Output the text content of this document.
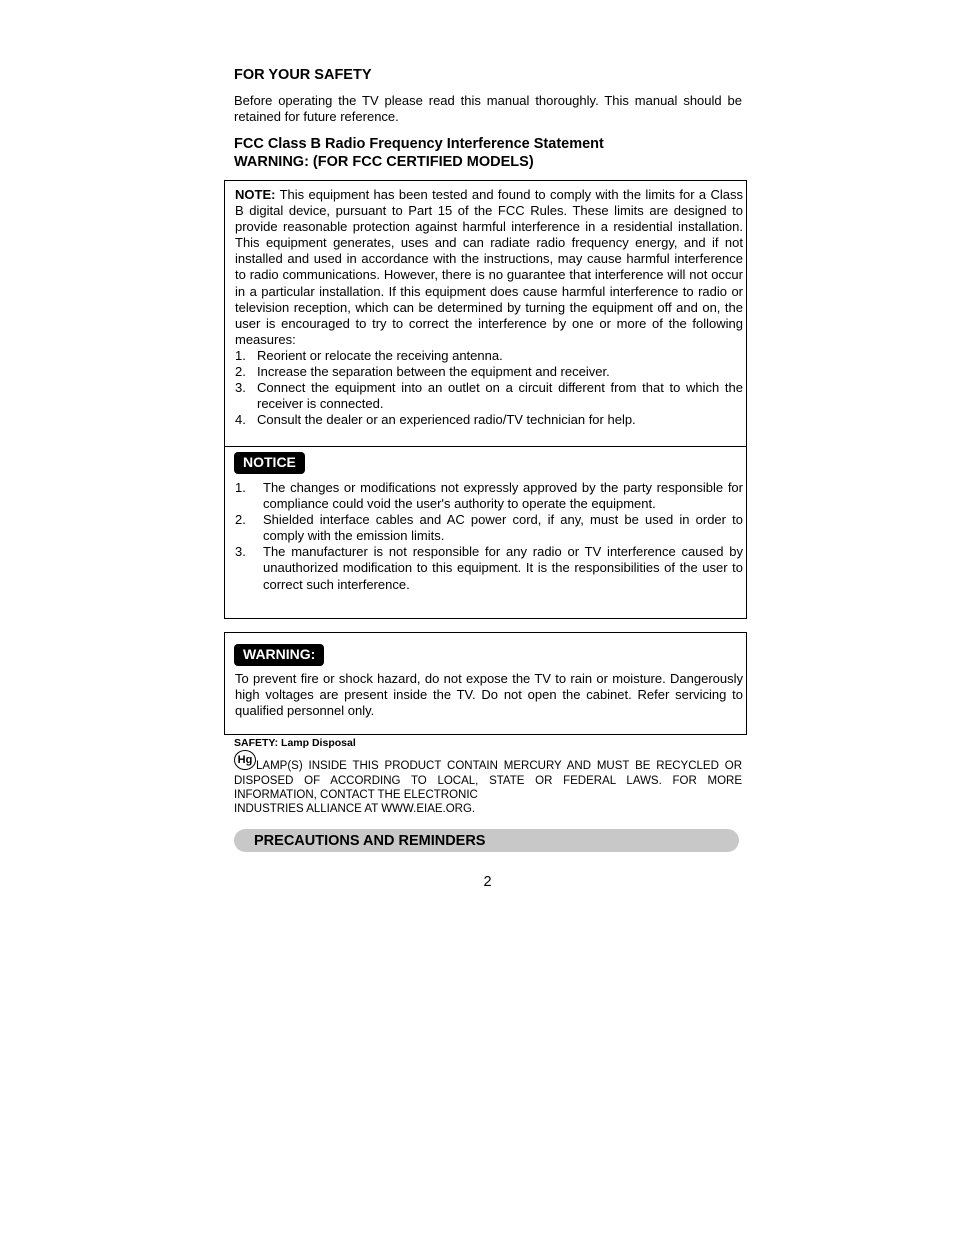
FOR YOUR SAFETY
Before operating the TV please read this manual thoroughly. This manual should be retained for future reference.
FCC Class B Radio Frequency Interference Statement
WARNING: (FOR FCC CERTIFIED MODELS)

NOTE: This equipment has been tested and found to comply with the limits for a Class B digital device, pursuant to Part 15 of the FCC Rules. These limits are designed to provide reasonable protection against harmful interference in a residential installation. This equipment generates, uses and can radiate radio frequency energy, and if not installed and used in accordance with the instructions, may cause harmful interference to radio communications. However, there is no guarantee that interference will not occur in a particular installation. If this equipment does cause harmful interference to radio or television reception, which can be determined by turning the equipment off and on, the user is encouraged to try to correct the interference by one or more of the following measures:

1. Reorient or relocate the receiving antenna.
2. Increase the separation between the equipment and receiver.
3. Connect the equipment into an outlet on a circuit different from that to which the receiver is connected.
4. Consult the dealer or an experienced radio/TV technician for help.
NOTICE
1. The changes or modifications not expressly approved by the party responsible for compliance could void the user's authority to operate the equipment.
2. Shielded interface cables and AC power cord, if any, must be used in order to comply with the emission limits.
3. The manufacturer is not responsible for any radio or TV interference caused by unauthorized modification to this equipment. It is the responsibilities of the user to correct such interference.
WARNING:
To prevent fire or shock hazard, do not expose the TV to rain or moisture. Dangerously high voltages are present inside the TV. Do not open the cabinet. Refer servicing to qualified personnel only.
SAFETY: Lamp Disposal
Hg LAMP(S) INSIDE THIS PRODUCT CONTAIN MERCURY AND MUST BE RECYCLED OR DISPOSED OF ACCORDING TO LOCAL, STATE OR FEDERAL LAWS. FOR MORE INFORMATION, CONTACT THE ELECTRONIC
INDUSTRIES ALLIANCE AT WWW.EIAE.ORG.
PRECAUTIONS AND REMINDERS
2
